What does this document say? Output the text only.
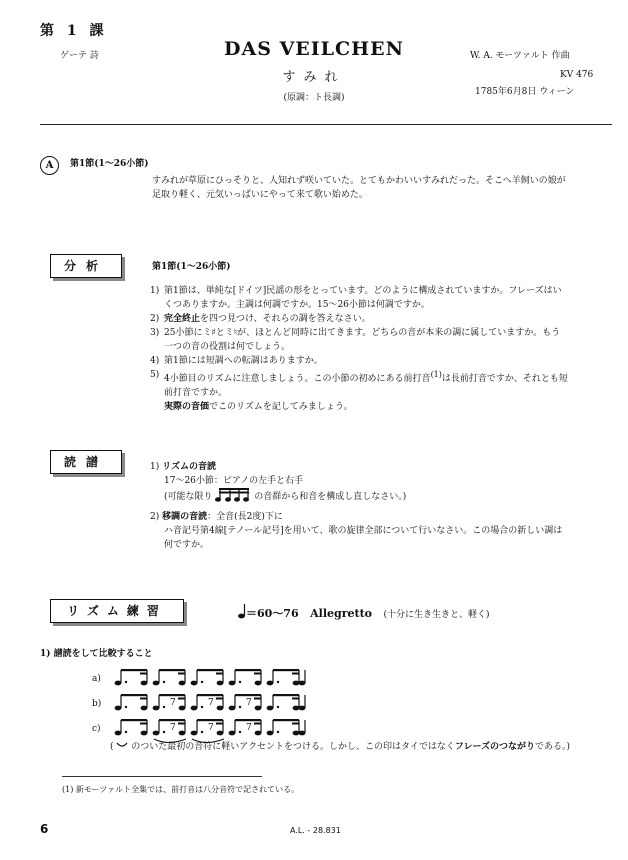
第 1 課
ゲーテ 詩	DAS VEILCHEN
すみれ
(原調：ト長調)
W. A. モーツァルト 作曲
KV 476
1785年6月8日 ウィーン
A	第1節(1～26小節)
すみれが草原にひっそりと、人知れず咲いていた。とてもかわいいすみれだった。そこへ羊飼いの娘が
足取り軽く、元気いっぱいにやって来て歌い始めた。
分析	第1節(1～26小節)
1) 第1節は、単純な[ドイツ]民謡の形をとっています。どのように構成されていますか。フレーズはい
くつありますか。主調は何調ですか。15～26小節は何調ですか。
2) 完全終止を四つ見つけ、それらの調を答えなさい。
3) 25小節にミ♯とミ♮が、ほとんど同時に出てきます。どちらの音が本来の調に属していますか。もう
一つの音の役割は何でしょう。
4) 第1節には短調への転調はありますか。
5) 4小節目のリズムに注意しましょう。この小節の初めにある前打音$^{(1)}$は長前打音ですか、それとも短
前打音ですか。
実際の音価でこのリズムを記してみましょう。
読譜	1) リズムの音読
17～26小節：ピアノの左手と右手
(可能な限り	の音群から和音を構成し直しなさい。)
2) 移調の音読：全音(長2度)下に
ハ音記号第4線[テノール記号]を用いて、歌の旋律全部について行いなさい。この場合の新しい調は
何ですか。
リズム練習	＝60～76 Allegretto (十分に生き生きと、軽く)
1) 譜読をして比較すること
a)
b)
c)
7	7	7
7	7	7
( のついた最初の音符に軽いアクセントをつける。しかし、この印はタイではなくフレーズのつながりである。)
(1) 新モーツァルト全集では、前打音は八分音符で記されている。
6	A.L. - 28.831
